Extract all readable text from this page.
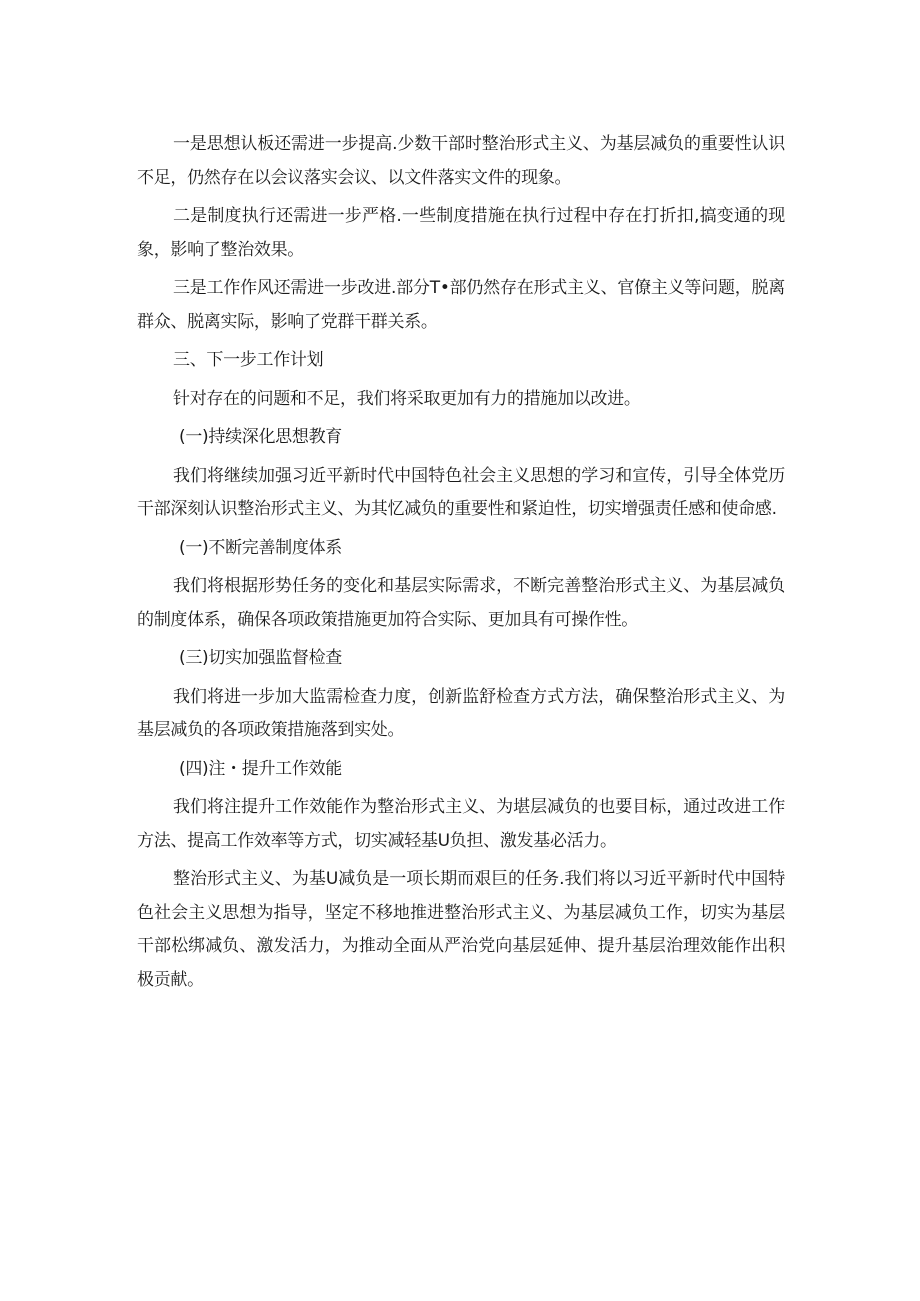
一是思想认板还需进一步提高.少数干部时整治形式主义、为基层减负的重要性认识不足，仍然存在以会议落实会议、以文件落实文件的现象。

二是制度执行还需进一步严格.一些制度措施在执行过程中存在打折扣,搞变通的现象，影响了整治效果。

三是工作作风还需进一步改进.部分T•部仍然存在形式主义、官僚主义等问题，脱离群众、脱离实际，影响了党群干群关系。

三、下一步工作计划

针对存在的问题和不足，我们将采取更加有力的措施加以改进。

(一)持续深化思想教育

我们将继续加强习近平新时代中国特色社会主义思想的学习和宣传，引导全体党历干部深刻认识整治形式主义、为其忆减负的重要性和紧迫性，切实增强责任感和使命感.

(一)不断完善制度体系

我们将根据形势任务的变化和基层实际需求，不断完善整治形式主义、为基层减负的制度体系，确保各项政策措施更加符合实际、更加具有可操作性。

(三)切实加强监督检查

我们将进一步加大监需检查力度，创新监舒检查方式方法，确保整治形式主义、为基层减负的各项政策措施落到实处。

(四)注・提升工作效能

我们将注提升工作效能作为整治形式主义、为堪层减负的也要目标，通过改进工作方法、提高工作效率等方式，切实减轻基U负担、激发基必活力。

整治形式主义、为基U减负是一项长期而艰巨的任务.我们将以习近平新时代中国特色社会主义思想为指导，坚定不移地推进整治形式主义、为基层减负工作，切实为基层干部松绑减负、激发活力，为推动全面从严治党向基层延伸、提升基层治理效能作出积极贡献。
